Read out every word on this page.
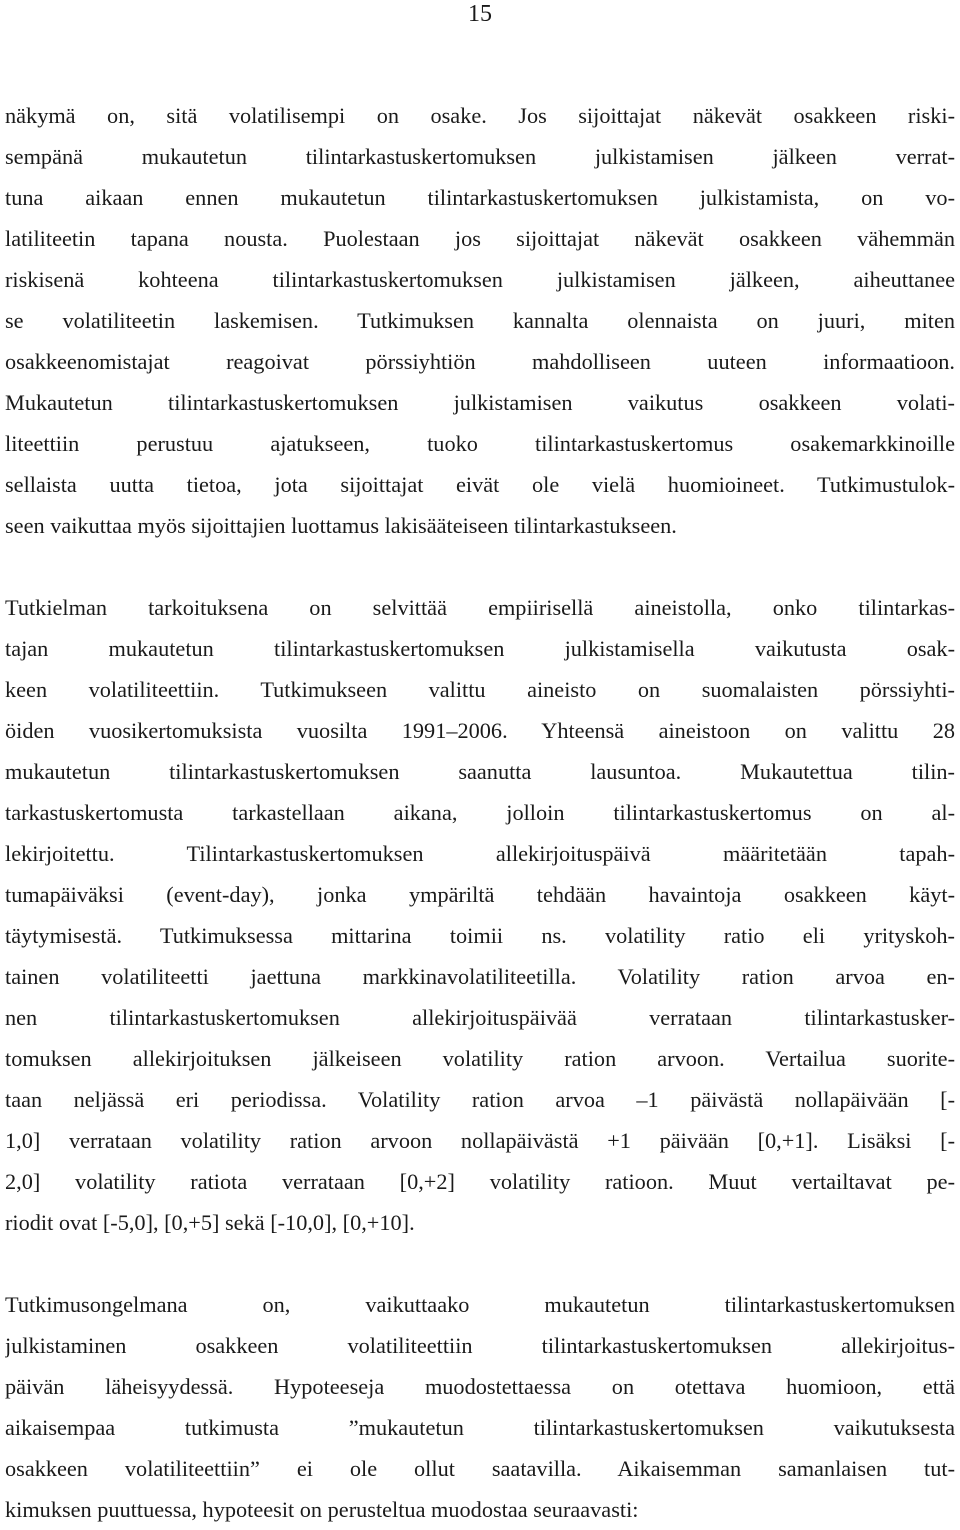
15
näkymä on, sitä volatilisempi on osake. Jos sijoittajat näkevät osakkeen riski-
sempänä mukautetun tilintarkastuskertomuksen julkistamisen jälkeen verrat-
tuna aikaan ennen mukautetun tilintarkastuskertomuksen julkistamista, on vo-
latiliteetin tapana nousta. Puolestaan jos sijoittajat näkevät osakkeen vähemmän
riskisenä kohteena tilintarkastuskertomuksen julkistamisen jälkeen, aiheuttanee
se volatiliteetin laskemisen. Tutkimuksen kannalta olennaista on juuri, miten
osakkeenomistajat reagoivat pörssiyhtiön mahdolliseen uuteen informaatioon.
Mukautetun tilintarkastuskertomuksen julkistamisen vaikutus osakkeen volati-
liteettiin perustuu ajatukseen, tuoko tilintarkastuskertomus osakemarkkinoille
sellaista uutta tietoa, jota sijoittajat eivät ole vielä huomioineet. Tutkimustulok-
seen vaikuttaa myös sijoittajien luottamus lakisääteiseen tilintarkastukseen.
Tutkielman tarkoituksena on selvittää empiirisellä aineistolla, onko tilintarkas-
tajan mukautetun tilintarkastuskertomuksen julkistamisella vaikutusta osak-
keen volatiliteettiin. Tutkimukseen valittu aineisto on suomalaisten pörssiyhti-
öiden vuosikertomuksista vuosilta 1991–2006. Yhteensä aineistoon on valittu 28
mukautetun tilintarkastuskertomuksen saanutta lausuntoa. Mukautettua tilin-
tarkastuskertomusta tarkastellaan aikana, jolloin tilintarkastuskertomus on al-
lekirjoitettu. Tilintarkastuskertomuksen allekirjoituspäivä määritetään tapah-
tumapäiväksi (event-day), jonka ympäriltä tehdään havaintoja osakkeen käyt-
täytymisestä. Tutkimuksessa mittarina toimii ns. volatility ratio eli yrityskoh-
tainen volatiliteetti jaettuna markkinavolatiliteetilla. Volatility ration arvoa en-
nen tilintarkastuskertomuksen allekirjoituspäivää verrataan tilintarkastusker-
tomuksen allekirjoituksen jälkeiseen volatility ration arvoon. Vertailua suorite-
taan neljässä eri periodissa. Volatility ration arvoa –1 päivästä nollapäivään [-
1,0] verrataan volatility ration arvoon nollapäivästä +1 päivään [0,+1]. Lisäksi [-
2,0] volatility ratiota verrataan [0,+2] volatility ratioon. Muut vertailtavat pe-
riodit ovat [-5,0], [0,+5] sekä [-10,0], [0,+10].
Tutkimusongelmana on, vaikuttaako mukautetun tilintarkastuskertomuksen
julkistaminen osakkeen volatiliteettiin tilintarkastuskertomuksen allekirjoitus-
päivän läheisyydessä. Hypoteeseja muodostettaessa on otettava huomioon, että
aikaisempaa tutkimusta ”mukautetun tilintarkastuskertomuksen vaikutuksesta
osakkeen volatiliteettiin” ei ole ollut saatavilla. Aikaisemman samanlaisen tut-
kimuksen puuttuessa, hypoteesit on perusteltua muodostaa seuraavasti:
